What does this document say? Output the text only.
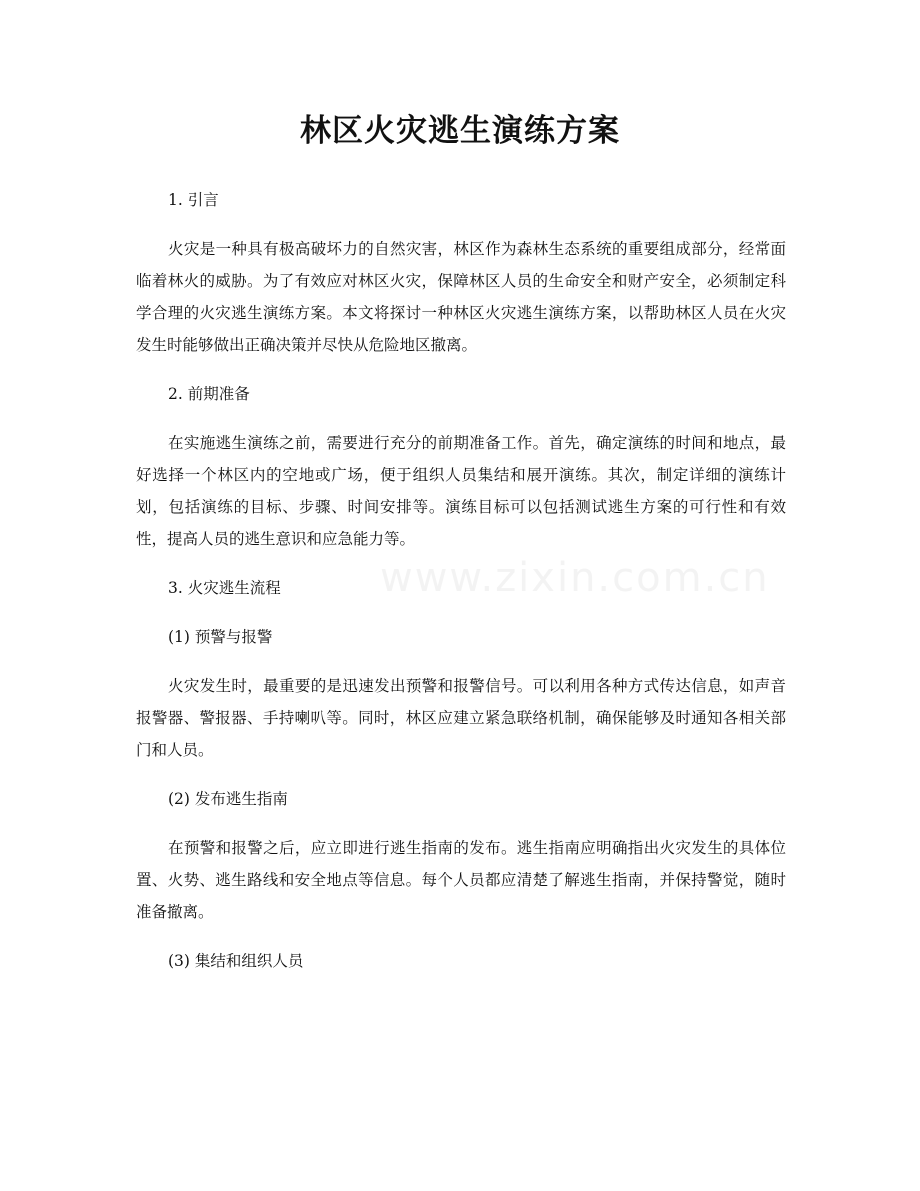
林区火灾逃生演练方案
www.zixin.com.cn

1. 引言

火灾是一种具有极高破坏力的自然灾害，林区作为森林生态系统的重要组成部分，经常面临着林火的威胁。为了有效应对林区火灾，保障林区人员的生命安全和财产安全，必须制定科学合理的火灾逃生演练方案。本文将探讨一种林区火灾逃生演练方案，以帮助林区人员在火灾发生时能够做出正确决策并尽快从危险地区撤离。

2. 前期准备

在实施逃生演练之前，需要进行充分的前期准备工作。首先，确定演练的时间和地点，最好选择一个林区内的空地或广场，便于组织人员集结和展开演练。其次，制定详细的演练计划，包括演练的目标、步骤、时间安排等。演练目标可以包括测试逃生方案的可行性和有效性，提高人员的逃生意识和应急能力等。

3. 火灾逃生流程

(1) 预警与报警

火灾发生时，最重要的是迅速发出预警和报警信号。可以利用各种方式传达信息，如声音报警器、警报器、手持喇叭等。同时，林区应建立紧急联络机制，确保能够及时通知各相关部门和人员。

(2) 发布逃生指南

在预警和报警之后，应立即进行逃生指南的发布。逃生指南应明确指出火灾发生的具体位置、火势、逃生路线和安全地点等信息。每个人员都应清楚了解逃生指南，并保持警觉，随时准备撤离。

(3) 集结和组织人员
